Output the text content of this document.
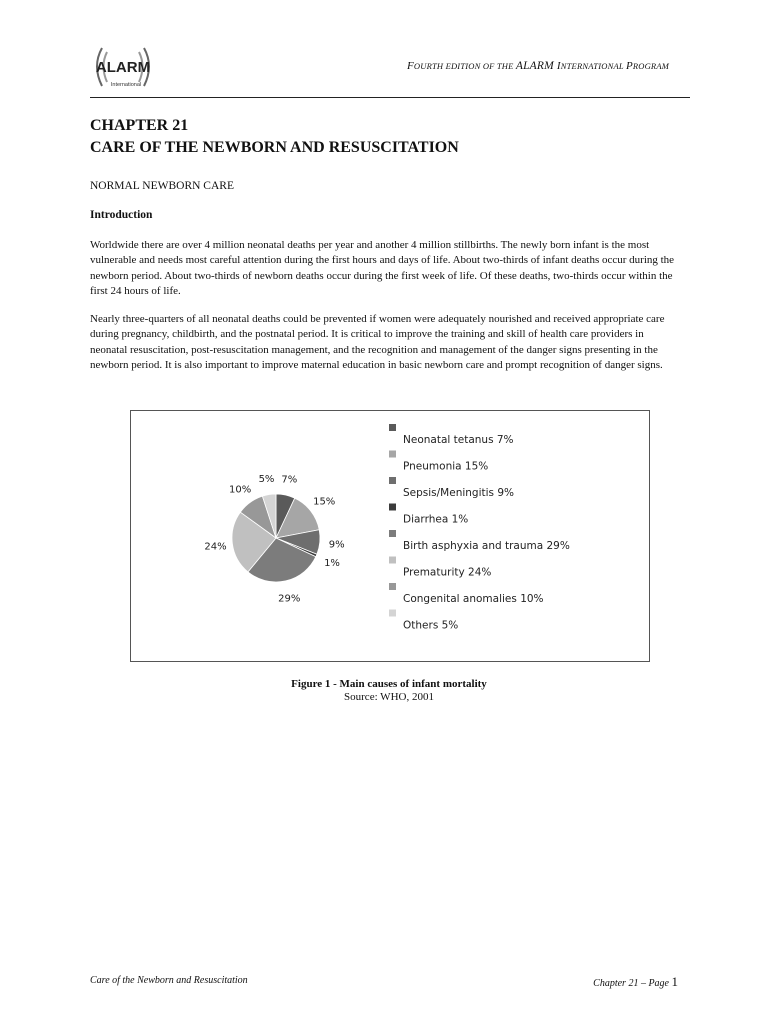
ALARM
International
FOURTH EDITION OF THE ALARM INTERNATIONAL PROGRAM
CHAPTER 21
CARE OF THE NEWBORN AND RESUSCITATION
NORMAL NEWBORN CARE
Introduction
Worldwide there are over 4 million neonatal deaths per year and another 4 million stillbirths. The newly born infant is the most vulnerable and needs most careful attention during the first hours and days of life. About two-thirds of infant deaths occur during the newborn period. About two-thirds of newborn deaths occur during the first week of life. Of these deaths, two-thirds occur within the first 24 hours of life.
Nearly three-quarters of all neonatal deaths could be prevented if women were adequately nourished and received appropriate care during pregnancy, childbirth, and the postnatal period. It is critical to improve the training and skill of health care providers in neonatal resuscitation, post-resuscitation management, and the recognition and management of the danger signs presenting in the newborn period. It is also important to improve maternal education in basic newborn care and prompt recognition of danger signs.
7%
15%
9%
1%
29%
24%
10%
5%
Neonatal tetanus 7%
Pneumonia 15%
Sepsis/Meningitis 9%
Diarrhea 1%
Birth asphyxia and trauma 29%
Prematurity 24%
Congenital anomalies 10%
Others 5%
Figure 1 - Main causes of infant mortality
Source: WHO, 2001
Care of the Newborn and Resuscitation	Chapter 21 – Page 1
